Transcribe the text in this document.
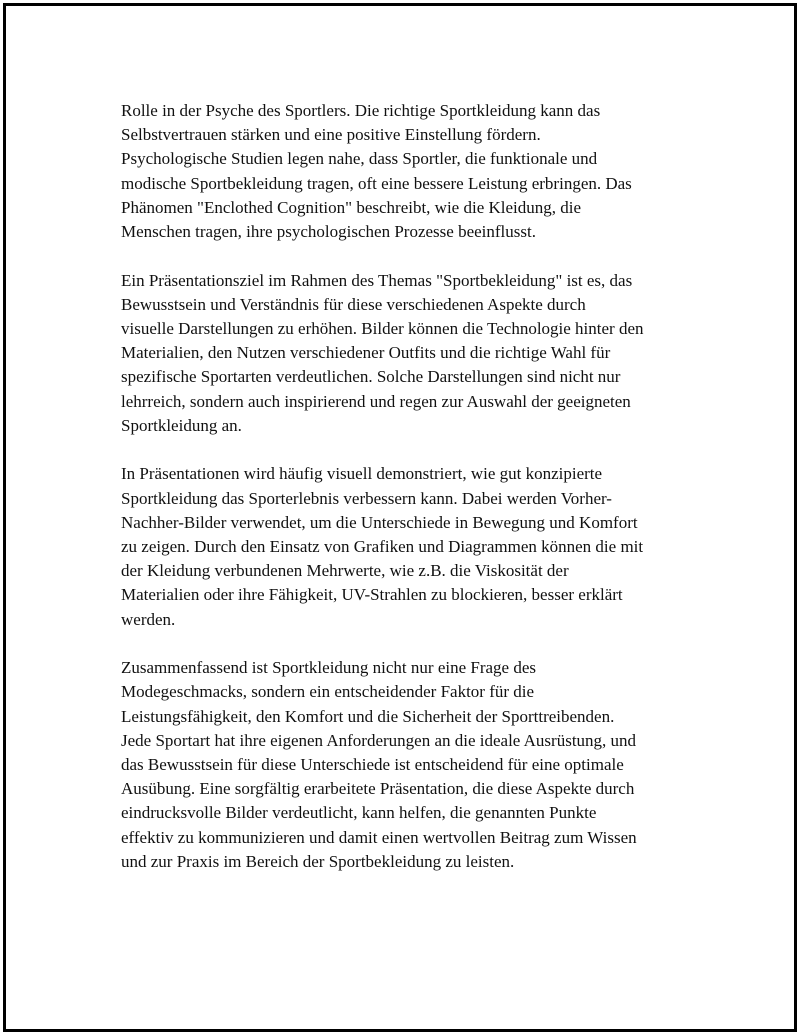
Rolle in der Psyche des Sportlers. Die richtige Sportkleidung kann das
Selbstvertrauen stärken und eine positive Einstellung fördern.
Psychologische Studien legen nahe, dass Sportler, die funktionale und
modische Sportbekleidung tragen, oft eine bessere Leistung erbringen. Das
Phänomen "Enclothed Cognition" beschreibt, wie die Kleidung, die
Menschen tragen, ihre psychologischen Prozesse beeinflusst.

Ein Präsentationsziel im Rahmen des Themas "Sportbekleidung" ist es, das
Bewusstsein und Verständnis für diese verschiedenen Aspekte durch
visuelle Darstellungen zu erhöhen. Bilder können die Technologie hinter den
Materialien, den Nutzen verschiedener Outfits und die richtige Wahl für
spezifische Sportarten verdeutlichen. Solche Darstellungen sind nicht nur
lehrreich, sondern auch inspirierend und regen zur Auswahl der geeigneten
Sportkleidung an.

In Präsentationen wird häufig visuell demonstriert, wie gut konzipierte
Sportkleidung das Sporterlebnis verbessern kann. Dabei werden Vorher-
Nachher-Bilder verwendet, um die Unterschiede in Bewegung und Komfort
zu zeigen. Durch den Einsatz von Grafiken und Diagrammen können die mit
der Kleidung verbundenen Mehrwerte, wie z.B. die Viskosität der
Materialien oder ihre Fähigkeit, UV-Strahlen zu blockieren, besser erklärt
werden.

Zusammenfassend ist Sportkleidung nicht nur eine Frage des
Modegeschmacks, sondern ein entscheidender Faktor für die
Leistungsfähigkeit, den Komfort und die Sicherheit der Sporttreibenden.
Jede Sportart hat ihre eigenen Anforderungen an die ideale Ausrüstung, und
das Bewusstsein für diese Unterschiede ist entscheidend für eine optimale
Ausübung. Eine sorgfältig erarbeitete Präsentation, die diese Aspekte durch
eindrucksvolle Bilder verdeutlicht, kann helfen, die genannten Punkte
effektiv zu kommunizieren und damit einen wertvollen Beitrag zum Wissen
und zur Praxis im Bereich der Sportbekleidung zu leisten.
